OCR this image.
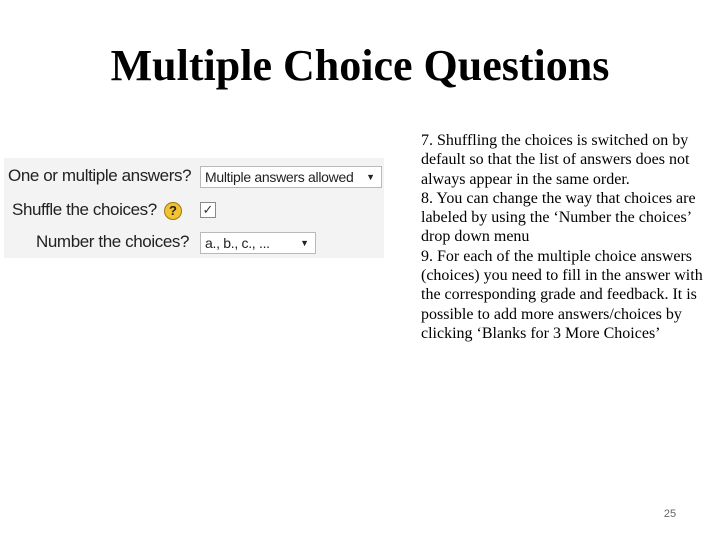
Multiple Choice Questions
One or multiple answers? Multiple answers allowed ▼
Shuffle the choices? ?	✓
Number the choices?	a., b., c., ...	▼

7. Shuffling the choices is switched on by default so that the list of answers does not always appear in the same order.

8. You can change the way that choices are labeled by using the ‘Number the choices’ drop down menu

9. For each of the multiple choice answers (choices) you need to fill in the answer with the corresponding grade and feedback. It is possible to add more answers/choices by clicking ‘Blanks for 3 More Choices’

25
